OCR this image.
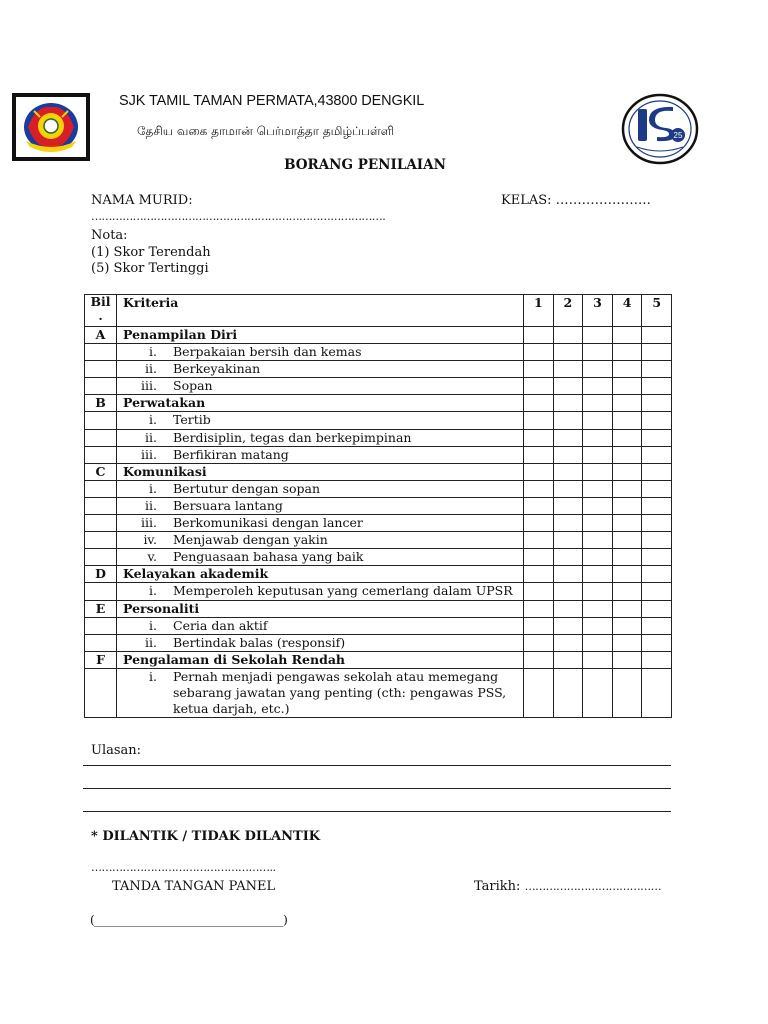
SJK TAMIL TAMAN PERMATA,43800 DENGKIL
தேசிய வகை தாமான் பெர்மாத்தா தமிழ்ப்பள்ளி	25
BORANG PENILAIAN
NAMA MURID:	KELAS: ………………….
………………………………………………………………………….
Nota:
(1) Skor Terendah
(5) Skor Tertinggi
Bil
.	Kriteria	1	2	3	4	5
A	Penampilan Diri					
	i. Berpakaian bersih dan kemas					
	ii. Berkeyakinan					
	iii. Sopan					
B	Perwatakan					
	i. Tertib					
	ii. Berdisiplin, tegas dan berkepimpinan					
	iii. Berfikiran matang					
C	Komunikasi					
	i. Bertutur dengan sopan					
	ii. Bersuara lantang					
	iii. Berkomunikasi dengan lancer					
	iv. Menjawab dengan yakin					
	v. Penguasaan bahasa yang baik					
D	Kelayakan akademik					
	i. Memperoleh keputusan yang cemerlang dalam UPSR					
E	Personaliti					
	i. Ceria dan aktif					
	ii. Bertindak balas (responsif)					
F	Pengalaman di Sekolah Rendah					
	i. Pernah menjadi pengawas sekolah atau memegang sebarang jawatan yang penting (cth: pengawas PSS, ketua darjah, etc.)					
Ulasan:
* DILANTIK / TIDAK DILANTIK
……………………………………………..
TANDA TANGAN PANEL	Tarikh: …………………………………
(___________________________________)
